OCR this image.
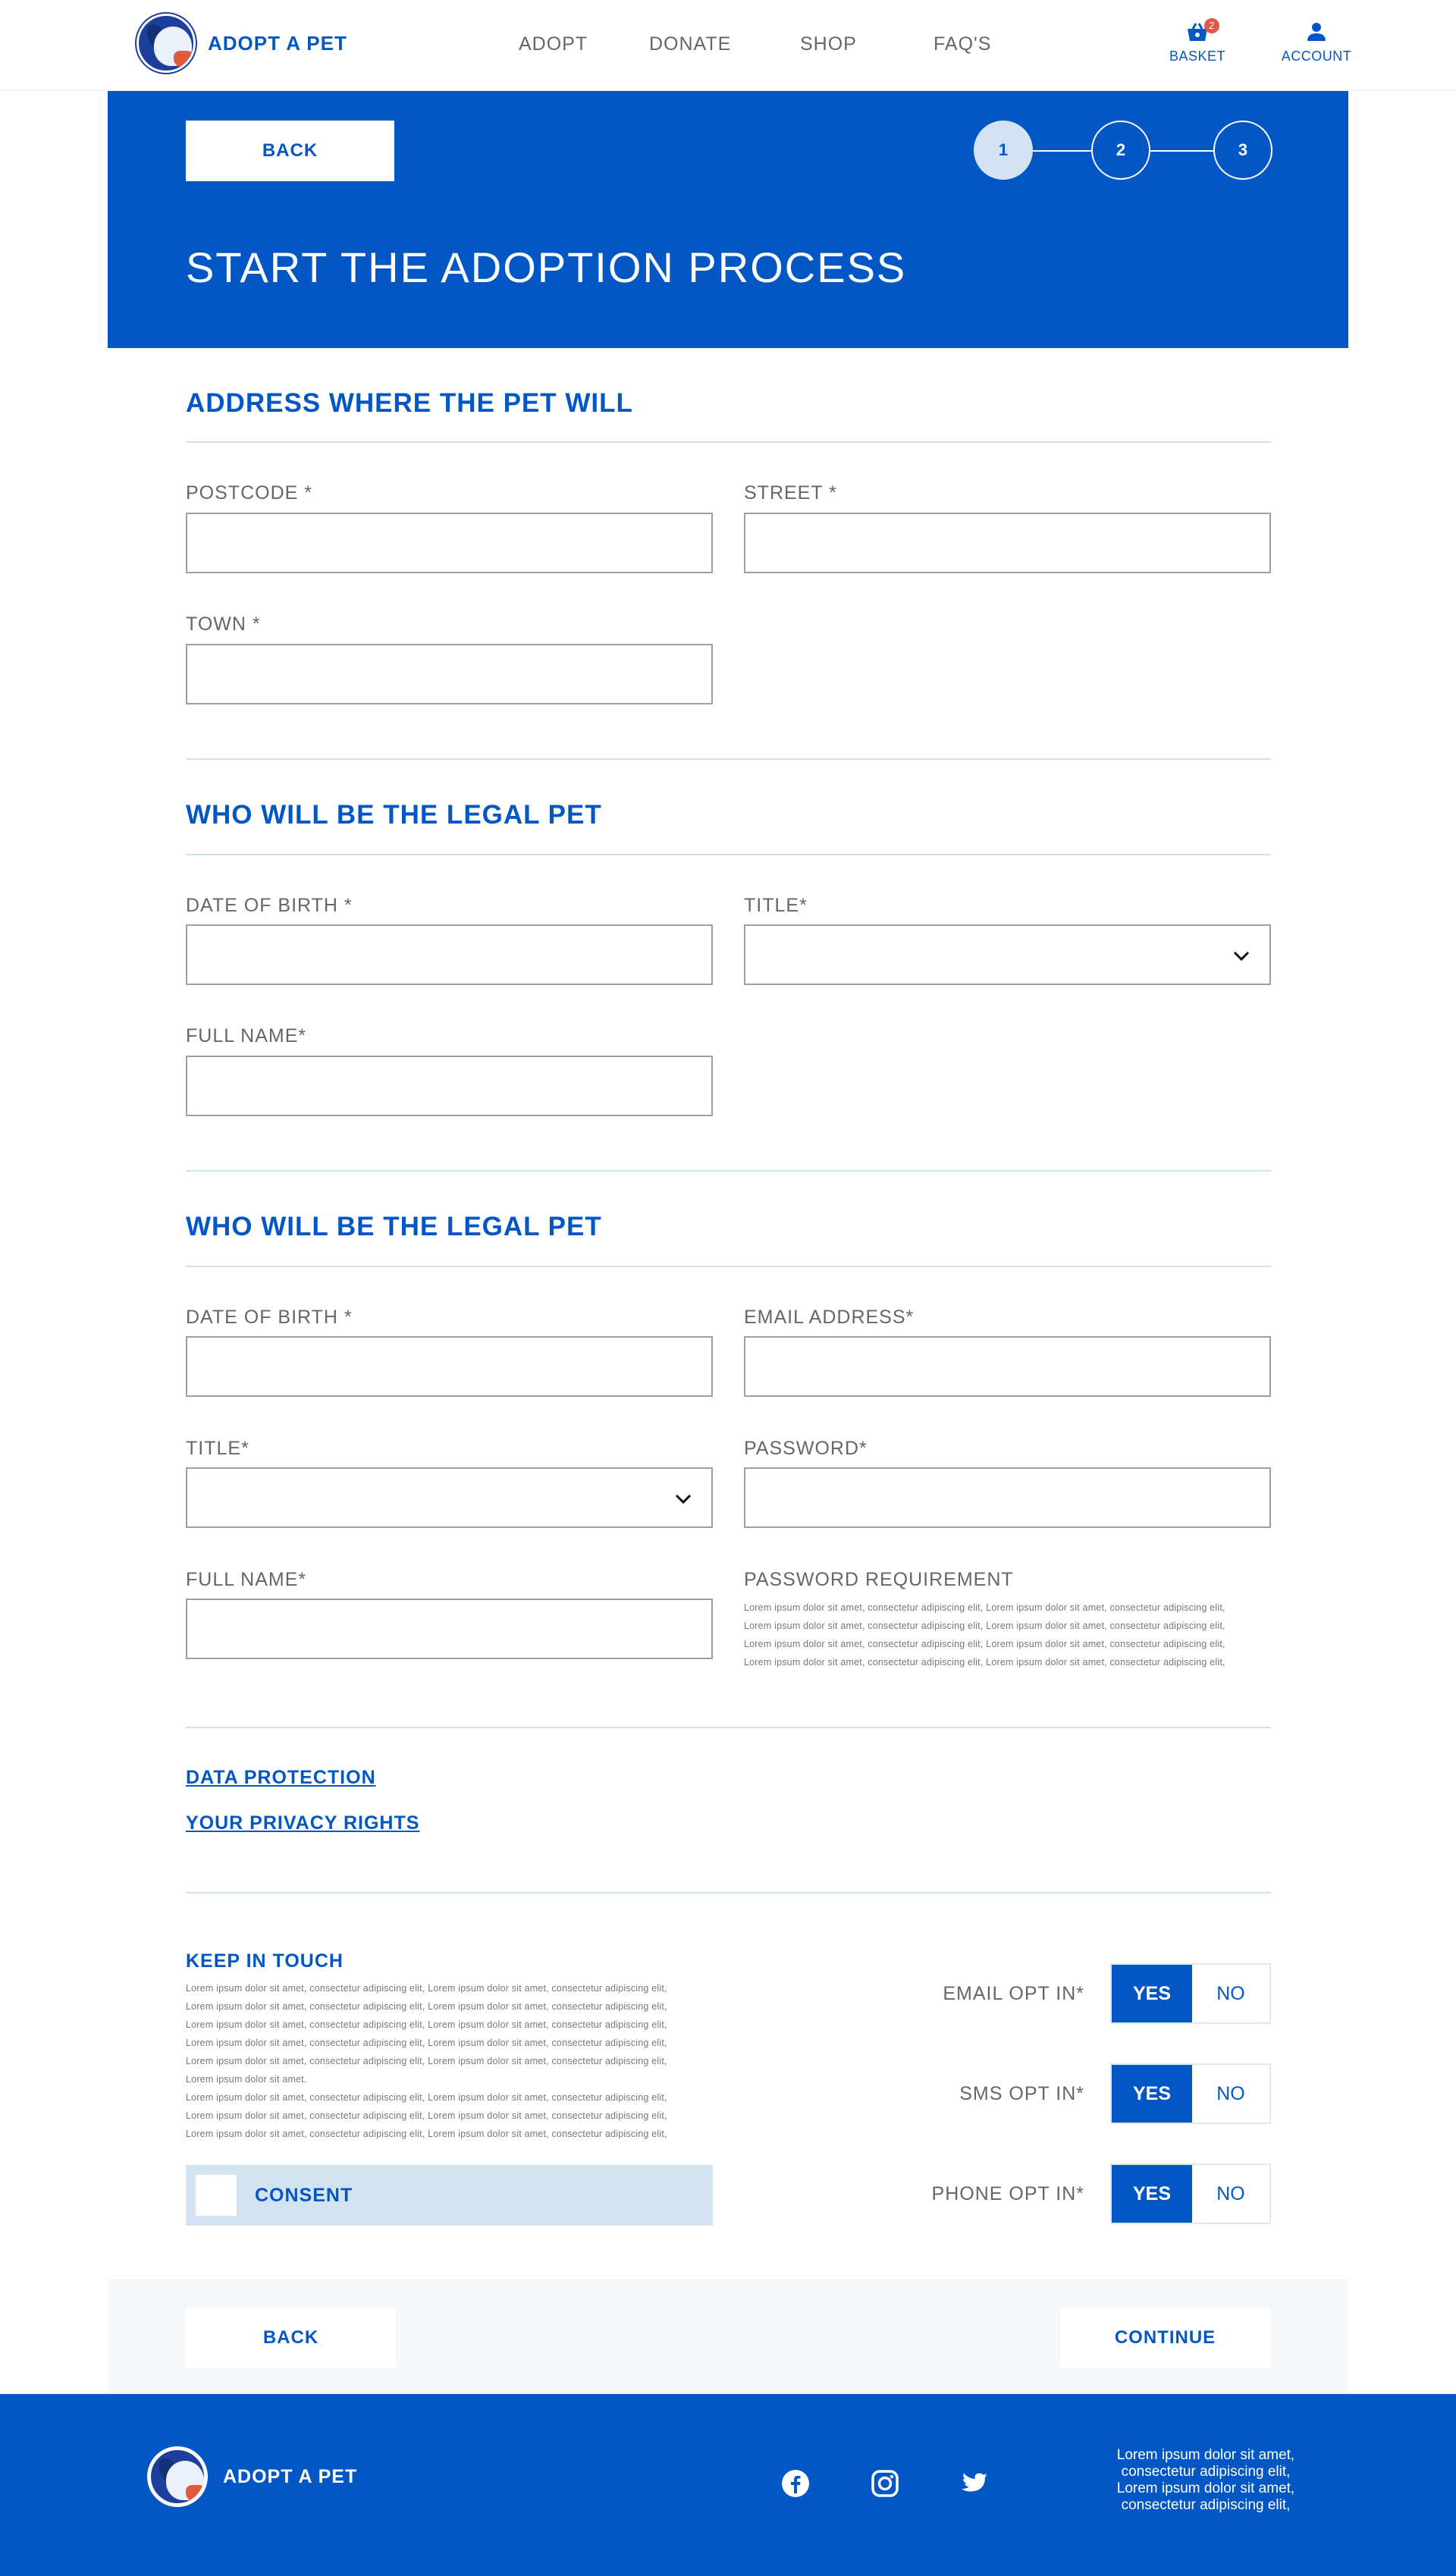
ADOPT A PET	ADOPT	DONATE	SHOP	FAQ'S
2
BASKET	ACCOUNT
BACK	1	2	3
START THE ADOPTION PROCESS
ADDRESS WHERE THE PET WILL
POSTCODE *	STREET *
TOWN *
WHO WILL BE THE LEGAL PET
DATE OF BIRTH *	TITLE*
FULL NAME*
WHO WILL BE THE LEGAL PET
DATE OF BIRTH *	EMAIL ADDRESS*
TITLE*	PASSWORD*
FULL NAME*	PASSWORD REQUIREMENT
Lorem ipsum dolor sit amet, consectetur adipiscing elit, Lorem ipsum dolor sit amet, consectetur adipiscing elit,
Lorem ipsum dolor sit amet, consectetur adipiscing elit, Lorem ipsum dolor sit amet, consectetur adipiscing elit,
Lorem ipsum dolor sit amet, consectetur adipiscing elit, Lorem ipsum dolor sit amet, consectetur adipiscing elit,
Lorem ipsum dolor sit amet, consectetur adipiscing elit, Lorem ipsum dolor sit amet, consectetur adipiscing elit,
DATA PROTECTION
YOUR PRIVACY RIGHTS
KEEP IN TOUCH
Lorem ipsum dolor sit amet, consectetur adipiscing elit, Lorem ipsum dolor sit amet, consectetur adipiscing elit,
Lorem ipsum dolor sit amet, consectetur adipiscing elit, Lorem ipsum dolor sit amet, consectetur adipiscing elit,
Lorem ipsum dolor sit amet, consectetur adipiscing elit, Lorem ipsum dolor sit amet, consectetur adipiscing elit,
Lorem ipsum dolor sit amet, consectetur adipiscing elit, Lorem ipsum dolor sit amet, consectetur adipiscing elit,
Lorem ipsum dolor sit amet, consectetur adipiscing elit, Lorem ipsum dolor sit amet, consectetur adipiscing elit,
Lorem ipsum dolor sit amet.
Lorem ipsum dolor sit amet, consectetur adipiscing elit, Lorem ipsum dolor sit amet, consectetur adipiscing elit,
Lorem ipsum dolor sit amet, consectetur adipiscing elit, Lorem ipsum dolor sit amet, consectetur adipiscing elit,
Lorem ipsum dolor sit amet, consectetur adipiscing elit, Lorem ipsum dolor sit amet, consectetur adipiscing elit,
CONSENT
EMAIL OPT IN*	YES	NO
SMS OPT IN*	YES	NO
PHONE OPT IN*	YES	NO
BACK	CONTINUE
ADOPT A PET
Lorem ipsum dolor sit amet,
consectetur adipiscing elit,
Lorem ipsum dolor sit amet,
consectetur adipiscing elit,
